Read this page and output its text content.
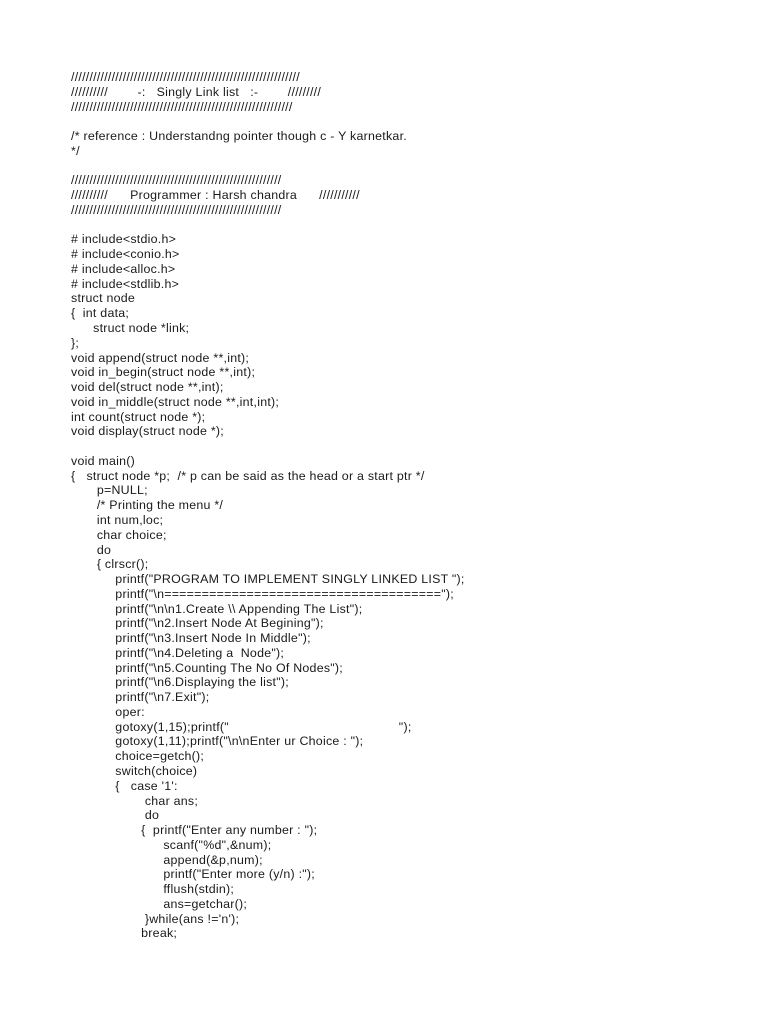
//////////////////////////////////////////////////////////////
//////////        -:   Singly Link list   :-        /////////
////////////////////////////////////////////////////////////
/* reference : Understandng pointer though c - Y karnetkar.
*/
/////////////////////////////////////////////////////////
//////////      Programmer : Harsh chandra      ///////////
/////////////////////////////////////////////////////////
# include<stdio.h>
# include<conio.h>
# include<alloc.h>
# include<stdlib.h>
struct node
{  int data;
struct node *link;
};
void append(struct node **,int);
void in_begin(struct node **,int);
void del(struct node **,int);
void in_middle(struct node **,int,int);
int count(struct node *);
void display(struct node *);
void main()
{   struct node *p;  /* p can be said as the head or a start ptr */
p=NULL;
/* Printing the menu */
int num,loc;
char choice;
do
{ clrscr();
printf("PROGRAM TO IMPLEMENT SINGLY LINKED LIST ");
printf("\n=====================================");
printf("\n\n1.Create \\ Appending The List");
printf("\n2.Insert Node At Begining");
printf("\n3.Insert Node In Middle");
printf("\n4.Deleting a  Node");
printf("\n5.Counting The No Of Nodes");
printf("\n6.Displaying the list");
printf("\n7.Exit");
oper:
gotoxy(1,15);printf("                                              ");
gotoxy(1,11);printf("\n\nEnter ur Choice : ");
choice=getch();
switch(choice)
{   case '1':
char ans;
do
{  printf("Enter any number : ");
scanf("%d",&num);
append(&p,num);
printf("Enter more (y/n) :");
fflush(stdin);
ans=getchar();
}while(ans !='n');
break;
